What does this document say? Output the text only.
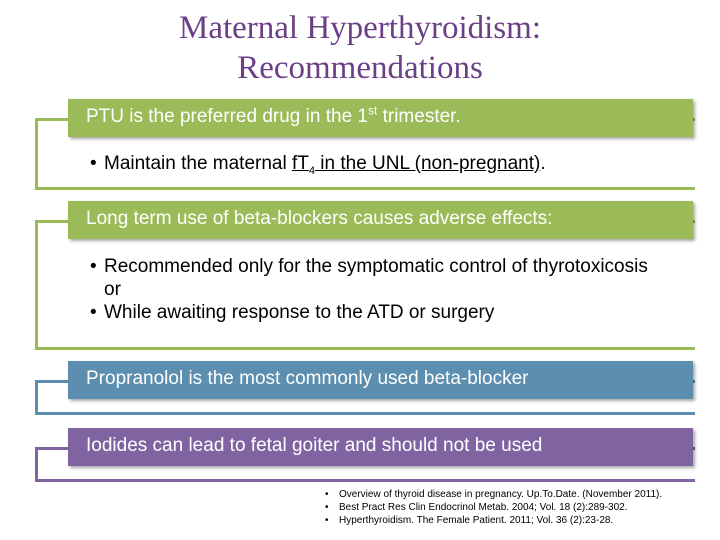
Maternal Hyperthyroidism:
Recommendations
PTU is the preferred drug in the 1st trimester.
• Maintain the maternal $fT_4$ in the UNL (non-pregnant).
Long term use of beta-blockers causes adverse effects:
• Recommended only for the symptomatic control of thyrotoxicosis or
• While awaiting response to the ATD or surgery
Propranolol is the most commonly used beta-blocker
Iodides can lead to fetal goiter and should not be used
• Overview of thyroid disease in pregnancy. Up.To.Date. (November 2011).
• Best Pract Res Clin Endocrinol Metab. 2004; Vol. 18 (2):289-302.
• Hyperthyroidism. The Female Patient. 2011; Vol. 36 (2):23-28.
